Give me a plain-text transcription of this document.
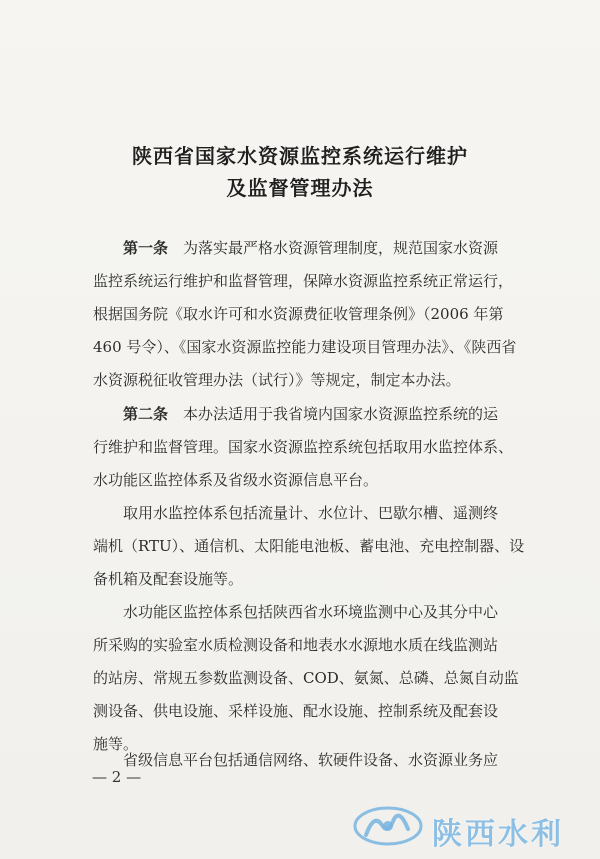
陕西省国家水资源监控系统运行维护
及监督管理办法
第一条　 为落实最严格水资源管理制度，规范国家水资源
监控系统运行维护和监督管理，保障水资源监控系统正常运行，
根据国务院《取水许可和水资源费征收管理条例》（2006 年第
460 号令）、《国家水资源监控能力建设项目管理办法》、《陕西省
水资源税征收管理办法（试行）》等规定，制定本办法。
第二条　 本办法适用于我省境内国家水资源监控系统的运
行维护和监督管理。国家水资源监控系统包括取用水监控体系、
水功能区监控体系及省级水资源信息平台。
取用水监控体系包括流量计、水位计、巴歇尔槽、遥测终
端机（RTU）、通信机、太阳能电池板、蓄电池、充电控制器、设
备机箱及配套设施等。
水功能区监控体系包括陕西省水环境监测中心及其分中心
所采购的实验室水质检测设备和地表水水源地水质在线监测站
的站房、常规五参数监测设备、COD、氨氮、总磷、总氮自动监
测设备、供电设施、采样设施、配水设施、控制系统及配套设
施等。
省级信息平台包括通信网络、软硬件设备、水资源业务应
— 2 —
陕西水利
